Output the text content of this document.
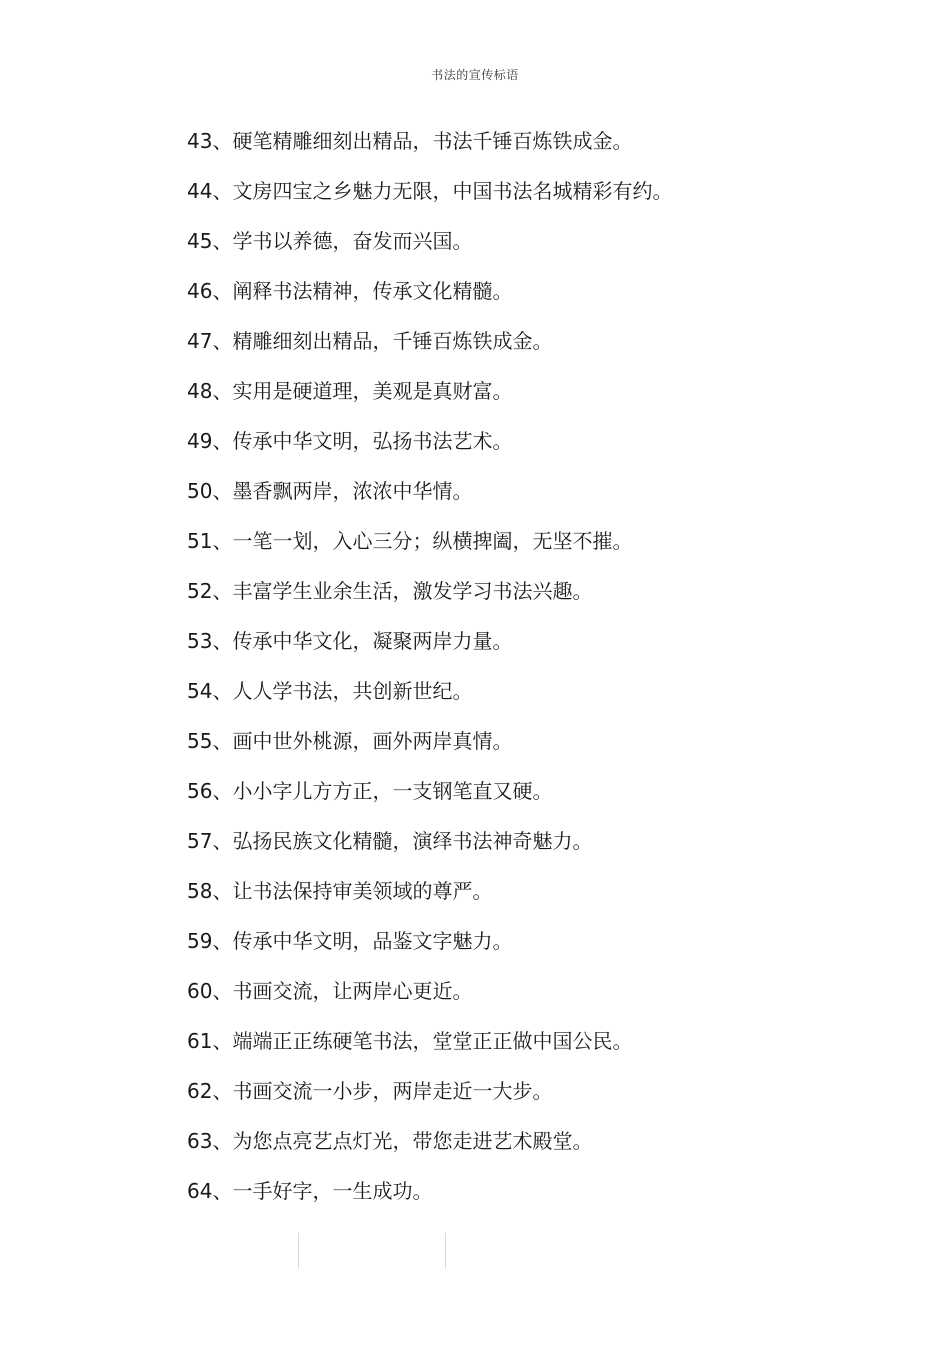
书法的宣传标语
43、硬笔精雕细刻出精品，书法千锤百炼铁成金。
44、文房四宝之乡魅力无限，中国书法名城精彩有约。
45、学书以养德，奋发而兴国。
46、阐释书法精神，传承文化精髓。
47、精雕细刻出精品，千锤百炼铁成金。
48、实用是硬道理，美观是真财富。
49、传承中华文明，弘扬书法艺术。
50、墨香飘两岸，浓浓中华情。
51、一笔一划，入心三分；纵横捭阖，无坚不摧。
52、丰富学生业余生活，激发学习书法兴趣。
53、传承中华文化，凝聚两岸力量。
54、人人学书法，共创新世纪。
55、画中世外桃源，画外两岸真情。
56、小小字儿方方正，一支钢笔直又硬。
57、弘扬民族文化精髓，演绎书法神奇魅力。
58、让书法保持审美领域的尊严。
59、传承中华文明，品鉴文字魅力。
60、书画交流，让两岸心更近。
61、端端正正练硬笔书法，堂堂正正做中国公民。
62、书画交流一小步，两岸走近一大步。
63、为您点亮艺点灯光，带您走进艺术殿堂。
64、一手好字，一生成功。
